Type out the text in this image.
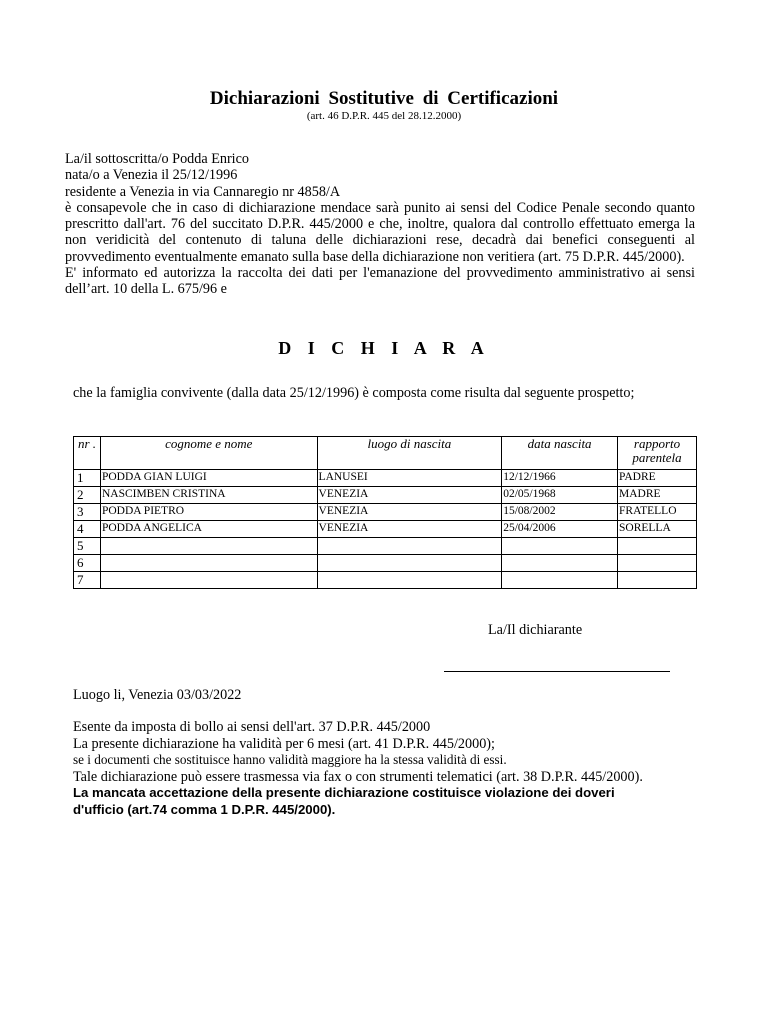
Dichiarazioni Sostitutive di Certificazioni
(art. 46 D.P.R. 445 del 28.12.2000)
La/il sottoscritta/o Podda Enrico
nata/o a Venezia il 25/12/1996
residente a Venezia in via Cannaregio nr 4858/A
è consapevole che in caso di dichiarazione mendace sarà punito ai sensi del Codice Penale secondo quanto prescritto dall'art. 76 del succitato D.P.R. 445/2000 e che, inoltre, qualora dal controllo effettuato emerga la non veridicità del contenuto di taluna delle dichiarazioni rese, decadrà dai benefici conseguenti al provvedimento eventualmente emanato sulla base della dichiarazione non veritiera (art. 75 D.P.R. 445/2000).
E' informato ed autorizza la raccolta dei dati per l'emanazione del provvedimento amministrativo ai sensi dell’art. 10 della L. 675/96 e
D I C H I A R A
che la famiglia convivente (dalla data 25/12/1996) è composta come risulta dal seguente prospetto;
nr .	cognome e nome	luogo di nascita	data nascita	rapporto parentela
1	PODDA GIAN LUIGI	LANUSEI	12/12/1966	PADRE
2	NASCIMBEN CRISTINA	VENEZIA	02/05/1968	MADRE
3	PODDA PIETRO	VENEZIA	15/08/2002	FRATELLO
4	PODDA ANGELICA	VENEZIA	25/04/2006	SORELLA
5				
6				
7				
La/Il dichiarante
Luogo li, Venezia 03/03/2022
Esente da imposta di bollo ai sensi dell'art. 37 D.P.R. 445/2000
La presente dichiarazione ha validità per 6 mesi (art. 41 D.P.R. 445/2000);
se i documenti che sostituisce hanno validità maggiore ha la stessa validità di essi.
Tale dichiarazione può essere trasmessa via fax o con strumenti telematici (art. 38 D.P.R. 445/2000).
La mancata accettazione della presente dichiarazione costituisce violazione dei doveri d'ufficio (art.74 comma 1 D.P.R. 445/2000).
